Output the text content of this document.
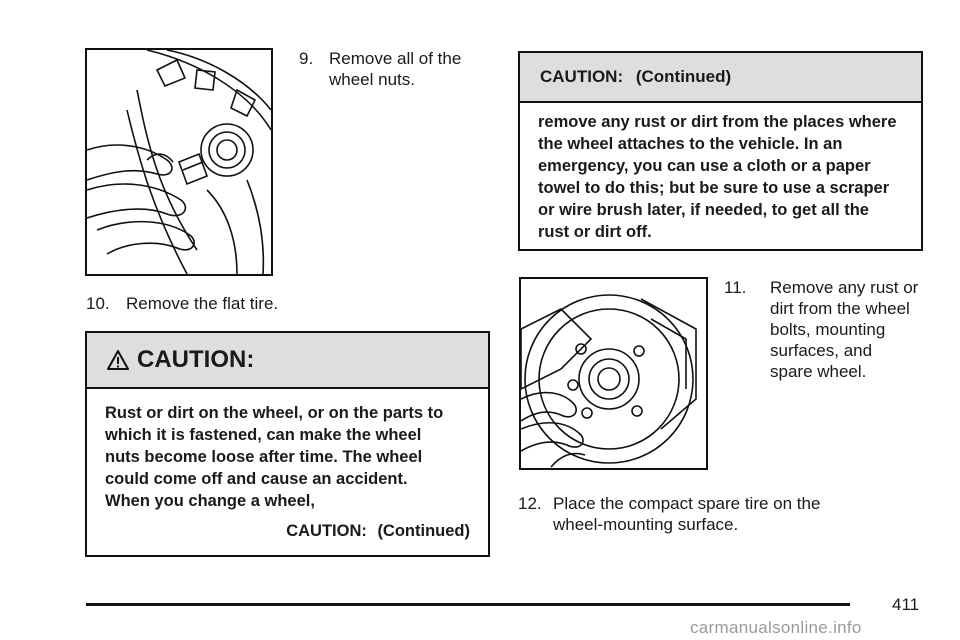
9. Remove all of the wheel nuts.
10. Remove the flat tire.
CAUTION:
Rust or dirt on the wheel, or on the parts to which it is fastened, can make the wheel nuts become loose after time. The wheel could come off and cause an accident. When you change a wheel,
CAUTION: (Continued)
CAUTION: (Continued)
remove any rust or dirt from the places where the wheel attaches to the vehicle. In an emergency, you can use a cloth or a paper towel to do this; but be sure to use a scraper or wire brush later, if needed, to get all the rust or dirt off.
11.	Remove any rust or dirt from the wheel bolts, mounting surfaces, and spare wheel.
12. Place the compact spare tire on the wheel-mounting surface.
411
carmanualsonline.info
